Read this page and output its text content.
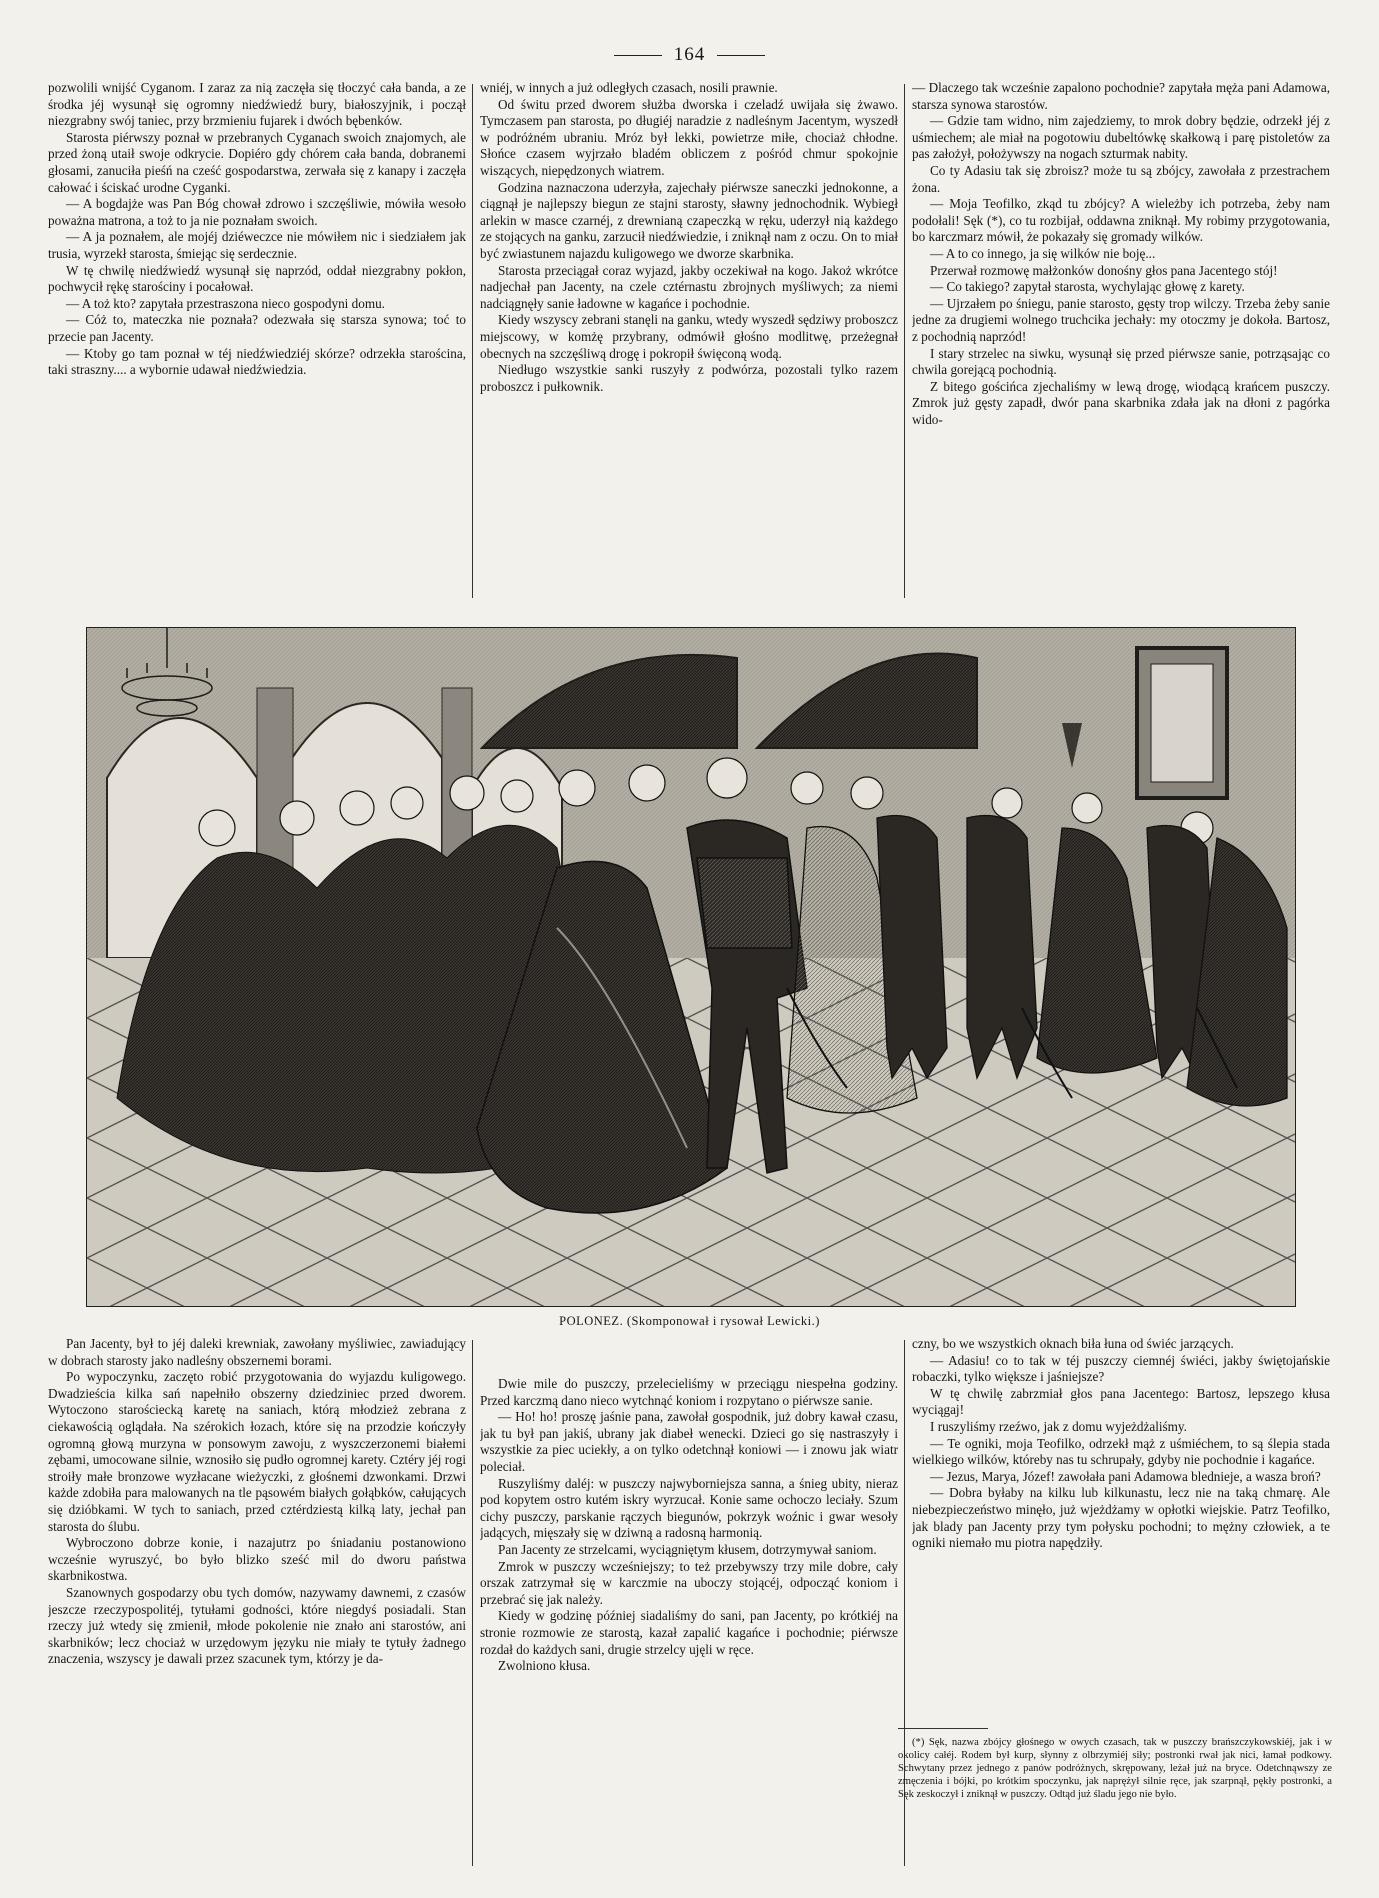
164

pozwolili wnijść Cyganom. I zaraz za nią zaczęła się tłoczyć cała banda, a ze środka jéj wysunął się ogromny niedźwiedź bury, białoszyjnik, i począł niezgrabny swój taniec, przy brzmieniu fujarek i dwóch bębenków.

Starosta piérwszy poznał w przebranych Cyganach swoich znajomych, ale przed żoną utaił swoje odkrycie. Dopiéro gdy chórem cała banda, dobranemi głosami, zanuciła pieśń na cześć gospodarstwa, zerwała się z kanapy i zaczęła całować i ściskać urodne Cyganki.

— A bogdajże was Pan Bóg chował zdrowo i szczęśliwie, mówiła wesoło poważna matrona, a toż to ja nie poznałam swoich.

— A ja poznałem, ale mojéj dziéweczce nie mówiłem nic i siedziałem jak trusia, wyrzekł starosta, śmiejąc się serdecznie.

W tę chwilę niedźwiedź wysunął się naprzód, oddał niezgrabny pokłon, pochwycił rękę starościny i pocałował.

— A toż kto? zapytała przestraszona nieco gospodyni domu.

— Cóż to, mateczka nie poznała? odezwała się starsza synowa; toć to przecie pan Jacenty.

— Ktoby go tam poznał w téj niedźwiedziéj skórze? odrzekła starościna, taki straszny.... a wybornie udawał niedźwiedzia.

wniéj, w innych a już odległych czasach, nosili prawnie.

Od świtu przed dworem służba dworska i czeladź uwijała się żwawo. Tymczasem pan starosta, po długiéj naradzie z nadleśnym Jacentym, wyszedł w podróżném ubraniu. Mróz był lekki, powietrze miłe, chociaż chłodne. Słońce czasem wyjrzało bladém obliczem z pośród chmur spokojnie wiszących, niepędzonych wiatrem.

Godzina naznaczona uderzyła, zajechały piérwsze saneczki jednokonne, a ciągnął je najlepszy biegun ze stajni starosty, sławny jednochodnik. Wybiegł arlekin w masce czarnéj, z drewnianą czapeczką w ręku, uderzył nią każdego ze stojących na ganku, zarzucił niedźwiedzie, i zniknął nam z oczu. On to miał być zwiastunem najazdu kuligowego we dworze skarbnika.

Starosta przeciągał coraz wyjazd, jakby oczekiwał na kogo. Jakoż wkrótce nadjechał pan Jacenty, na czele cztérnastu zbrojnych myśliwych; za niemi nadciągnęły sanie ładowne w kagańce i pochodnie.

Kiedy wszyscy zebrani stanęli na ganku, wtedy wyszedł sędziwy proboszcz miejscowy, w komżę przybrany, odmówił głośno modlitwę, przeżegnał obecnych na szczęśliwą drogę i pokropił święconą wodą.

Niedługo wszystkie sanki ruszyły z podwórza, pozostali tylko razem proboszcz i pułkownik.

— Dlaczego tak wcześnie zapalono pochodnie? zapytała męża pani Adamowa, starsza synowa starostów.

— Gdzie tam widno, nim zajedziemy, to mrok dobry będzie, odrzekł jéj z uśmiechem; ale miał na pogotowiu dubeltówkę skałkową i parę pistoletów za pas założył, położywszy na nogach szturmak nabity.

Co ty Adasiu tak się zbroisz? może tu są zbójcy, zawołała z przestrachem żona.

— Moja Teofilko, zkąd tu zbójcy? A wieleżby ich potrzeba, żeby nam podołali! Sęk (*), co tu rozbijał, oddawna zniknął. My robimy przygotowania, bo karczmarz mówił, że pokazały się gromady wilków.

— A to co innego, ja się wilków nie boję...

Przerwał rozmowę małżonków donośny głos pana Jacentego stój!

— Co takiego? zapytał starosta, wychylając głowę z karety.

— Ujrzałem po śniegu, panie starosto, gęsty trop wilczy. Trzeba żeby sanie jedne za drugiemi wolnego truchcika jechały: my otoczmy je dokoła. Bartosz, z pochodnią naprzód!

I stary strzelec na siwku, wysunął się przed piérwsze sanie, potrząsając co chwila gorejącą pochodnią.

Z bitego gościńca zjechaliśmy w lewą drogę, wiodącą krańcem puszczy. Zmrok już gęsty zapadł, dwór pana skarbnika zdała jak na dłoni z pagórka wido-

POLONEZ. (Skomponował i rysował Lewicki.)

Pan Jacenty, był to jéj daleki krewniak, zawołany myśliwiec, zawiadujący w dobrach starosty jako nadleśny obszernemi borami.

Po wypoczynku, zaczęto robić przygotowania do wyjazdu kuligowego. Dwadzieścia kilka sań napełniło obszerny dziedziniec przed dworem. Wytoczono starościecką karetę na saniach, którą młodzież zebrana z ciekawością oglądała. Na szérokich łozach, które się na przodzie kończyły ogromną głową murzyna w ponsowym zawoju, z wyszczerzonemi białemi zębami, umocowane silnie, wznosiło się pudło ogromnej karety. Cztéry jéj rogi stroiły małe bronzowe wyzłacane wieżyczki, z głośnemi dzwonkami. Drzwi każde zdobiła para malowanych na tle pąsowém białych gołąbków, całujących się dzióbkami. W tych to saniach, przed cztérdziestą kilką laty, jechał pan starosta do ślubu.

Wybroczono dobrze konie, i nazajutrz po śniadaniu postanowiono wcześnie wyruszyć, bo było blizko sześć mil do dworu państwa skarbnikostwa.

Szanownych gospodarzy obu tych domów, nazywamy dawnemi, z czasów jeszcze rzeczypospolitéj, tytułami godności, które niegdyś posiadali. Stan rzeczy już wtedy się zmienił, młode pokolenie nie znało ani starostów, ani skarbników; lecz chociaż w urzędowym języku nie miały te tytuły żadnego znaczenia, wszyscy je dawali przez szacunek tym, którzy je da-

Dwie mile do puszczy, przelecieliśmy w przeciągu niespełna godziny. Przed karczmą dano nieco wytchnąć koniom i rozpytano o piérwsze sanie.

— Ho! ho! proszę jaśnie pana, zawołał gospodnik, już dobry kawał czasu, jak tu był pan jakiś, ubrany jak diabeł wenecki. Dzieci go się nastraszyły i wszystkie za piec uciekły, a on tylko odetchnął koniowi — i znowu jak wiatr poleciał.

Ruszyliśmy daléj: w puszczy najwyborniejsza sanna, a śnieg ubity, nieraz pod kopytem ostro kutém iskry wyrzucał. Konie same ochoczo leciały. Szum cichy puszczy, parskanie rączych biegunów, pokrzyk woźnic i gwar wesoły jadących, mięszały się w dziwną a radosną harmonią.

Pan Jacenty ze strzelcami, wyciągniętym kłusem, dotrzymywał saniom.

Zmrok w puszczy wcześniejszy; to też przebywszy trzy mile dobre, cały orszak zatrzymał się w karczmie na uboczy stojącéj, odpocząć koniom i przebrać się jak należy.

Kiedy w godzinę później siadaliśmy do sani, pan Jacenty, po krótkiéj na stronie rozmowie ze starostą, kazał zapalić kagańce i pochodnie; piérwsze rozdał do każdych sani, drugie strzelcy ujęli w ręce.

Zwolniono kłusa.

czny, bo we wszystkich oknach biła łuna od świéc jarzących.

— Adasiu! co to tak w téj puszczy ciemnéj świéci, jakby świętojańskie robaczki, tylko większe i jaśniejsze?

W tę chwilę zabrzmiał głos pana Jacentego: Bartosz, lepszego kłusa wyciągaj!

I ruszyliśmy rzeźwo, jak z domu wyjeżdżaliśmy.

— Te ogniki, moja Teofilko, odrzekł mąż z uśmiéchem, to są ślepia stada wielkiego wilków, któreby nas tu schrupały, gdyby nie pochodnie i kagańce.

— Jezus, Marya, Józef! zawołała pani Adamowa blednieje, a wasza broń?

— Dobra byłaby na kilku lub kilkunastu, lecz nie na taką chmarę. Ale niebezpieczeństwo minęło, już wjeżdżamy w opłotki wiejskie. Patrz Teofilko, jak blady pan Jacenty przy tym połysku pochodni; to mężny człowiek, a te ogniki niemało mu piotra napędziły.

(*) Sęk, nazwa zbójcy głośnego w owych czasach, tak w puszczy brańszczykowskiéj, jak i w okolicy całéj. Rodem był kurp, słynny z olbrzymiéj siły; postronki rwał jak nici, łamał podkowy. Schwytany przez jednego z panów podróżnych, skrępowany, leżał już na bryce. Odetchnąwszy ze zmęczenia i bójki, po krótkim spoczynku, jak naprężył silnie ręce, jak szarpnął, pękły postronki, a Sęk zeskoczył i zniknął w puszczy. Odtąd już śladu jego nie było.
